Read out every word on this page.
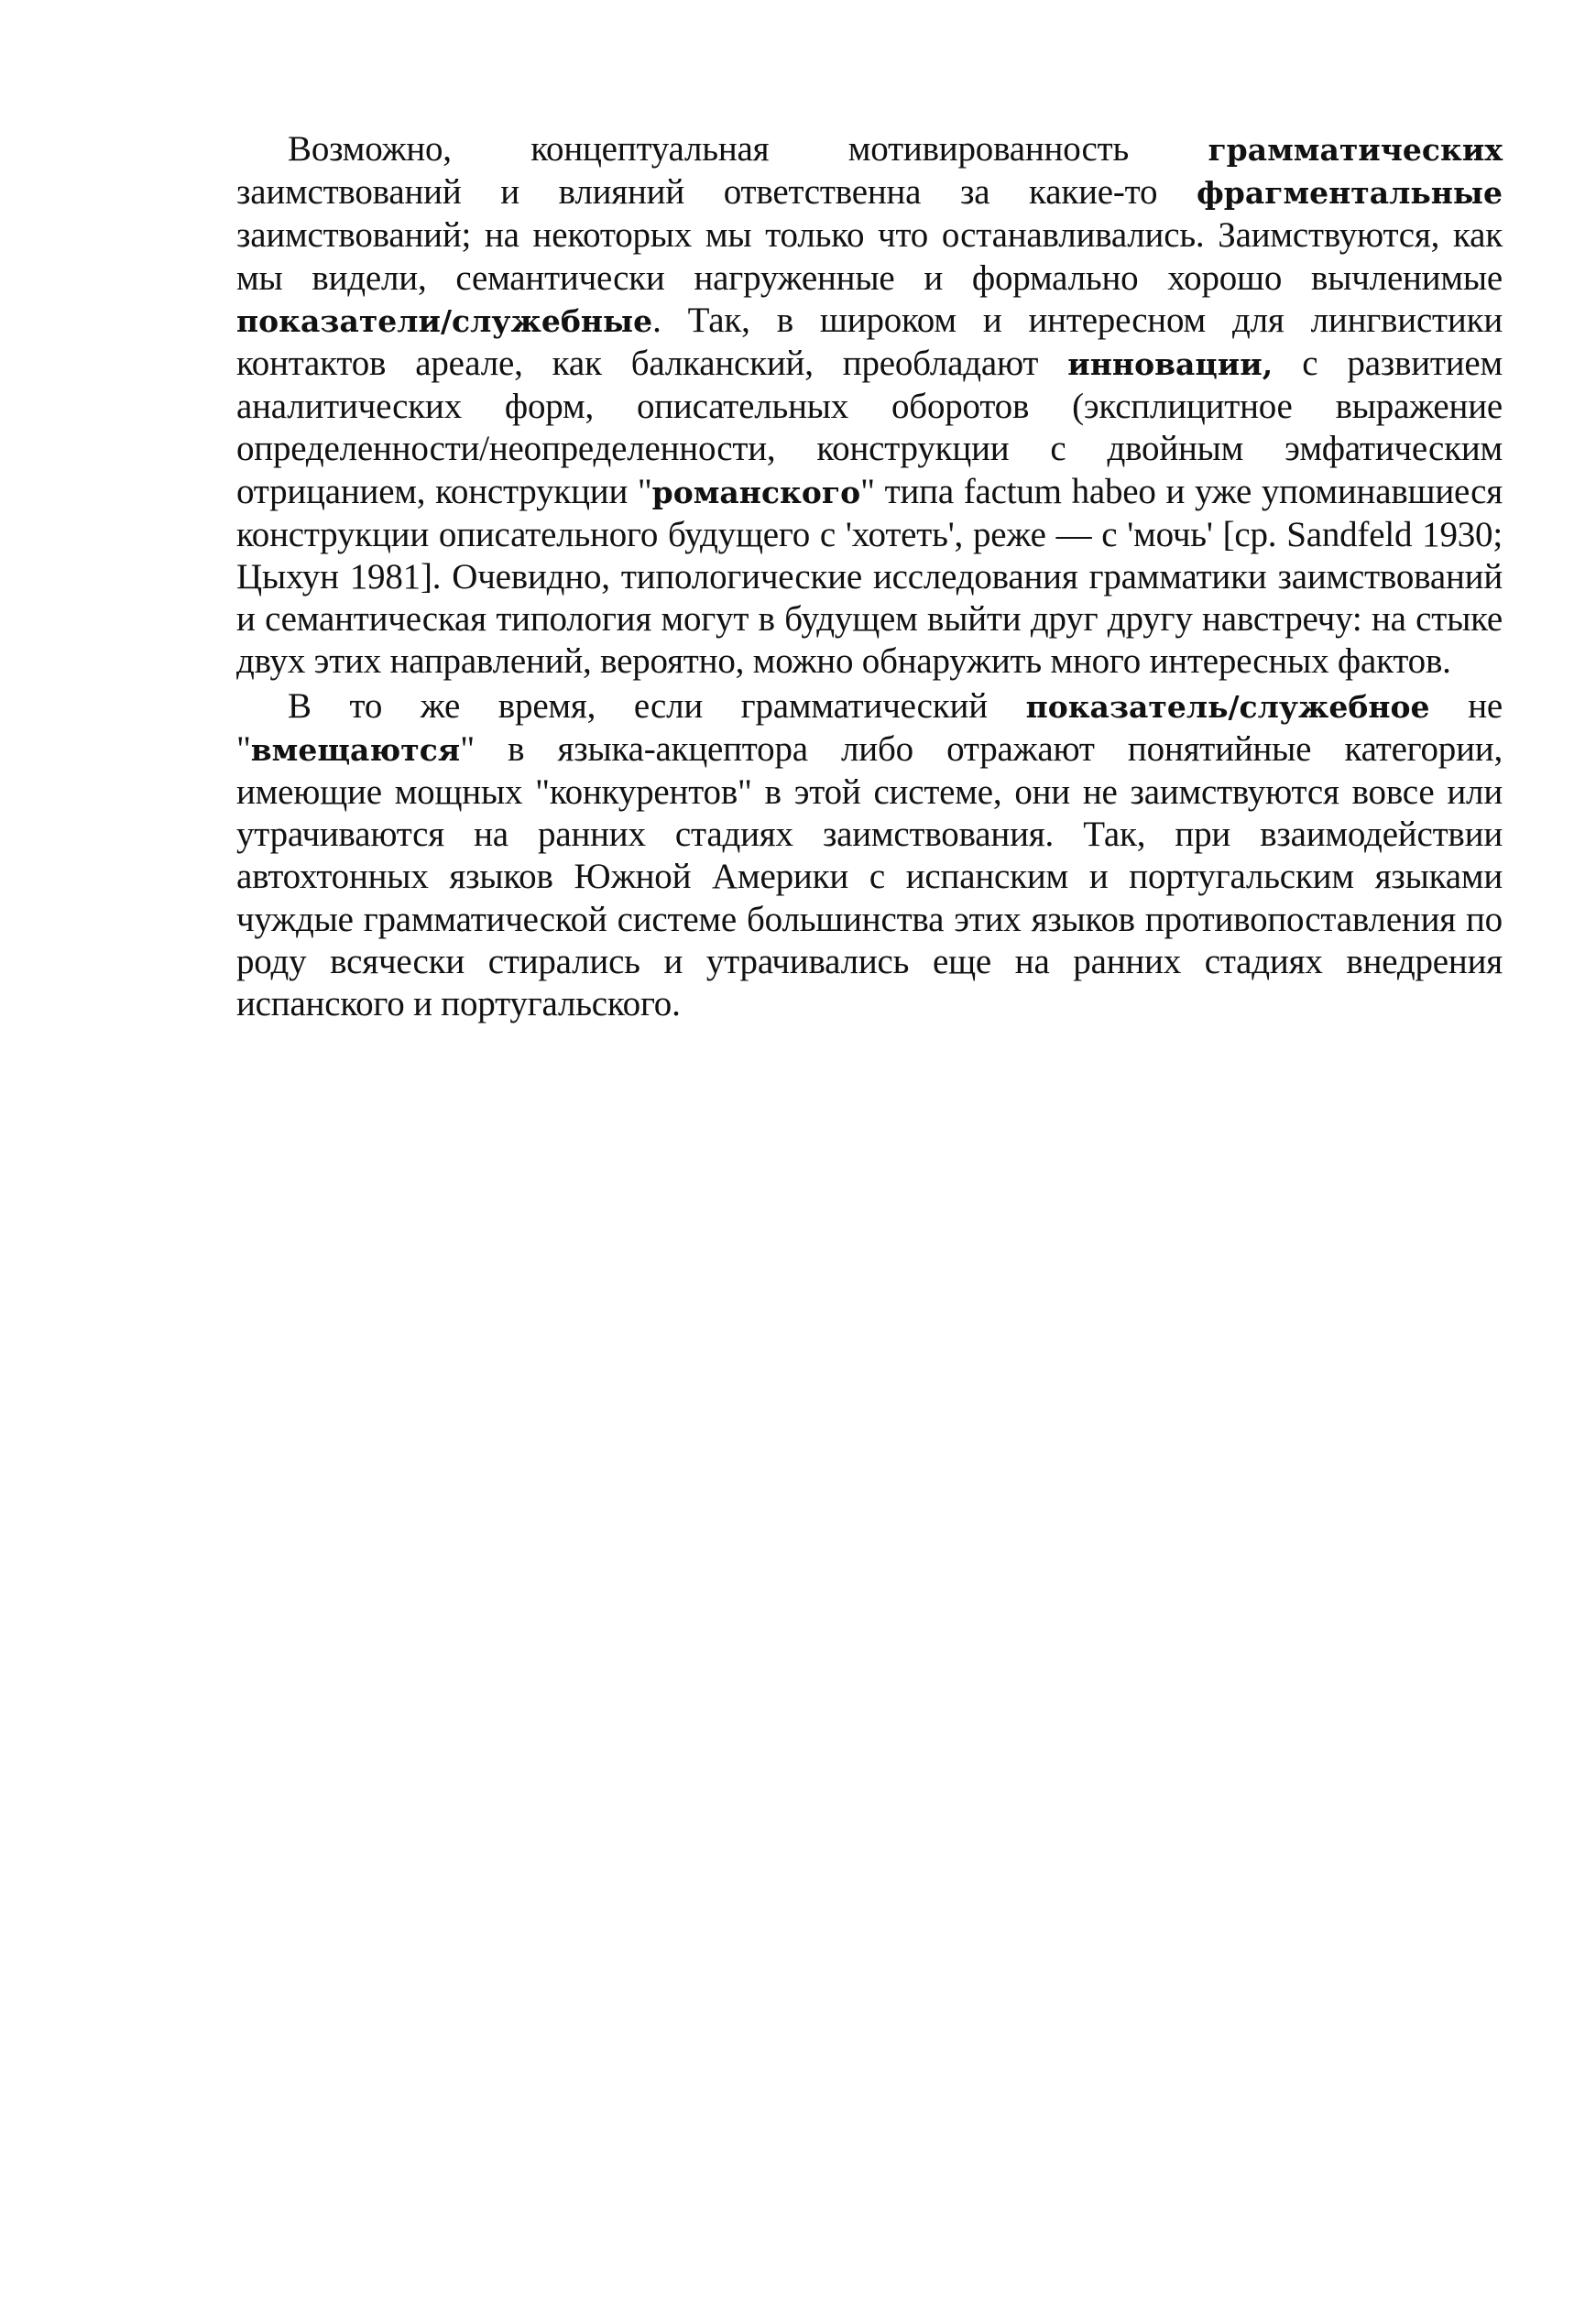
Возможно, концептуальная мотивированность грамматических заимствований и влияний ответственна за какие-то фрагментальные заимствований; на некоторых мы только что останавливались. Заимствуются, как мы видели, семантически нагруженные и формально хорошо вычленимые показатели/служебные. Так, в широком и интересном для лингвистики контактов ареале, как балканский, преобладают инновации, с развитием аналитических форм, описательных оборотов (эксплицитное выражение определенности/неопределенности, конструкции с двойным эмфатическим отрицанием, конструкции "романского" типа factum habeo и уже упоминавшиеся конструкции описательного будущего с 'хотеть', реже — с 'мочь' [ср. Sandfeld 1930; Цыхун 1981]. Очевидно, типологические исследования грамматики заимствований и семантическая типология могут в будущем выйти друг другу навстречу: на стыке двух этих направлений, вероятно, можно обнаружить много интересных фактов.

В то же время, если грамматический показатель/служебное не "вмещаются" в языка-акцептора либо отражают понятийные категории, имеющие мощных "конкурентов" в этой системе, они не заимствуются вовсе или утрачиваются на ранних стадиях заимствования. Так, при взаимодействии автохтонных языков Южной Америки с испанским и португальским языками чуждые грамматической системе большинства этих языков противопоставления по роду всячески стирались и утрачивались еще на ранних стадиях внедрения испанского и португальского.
